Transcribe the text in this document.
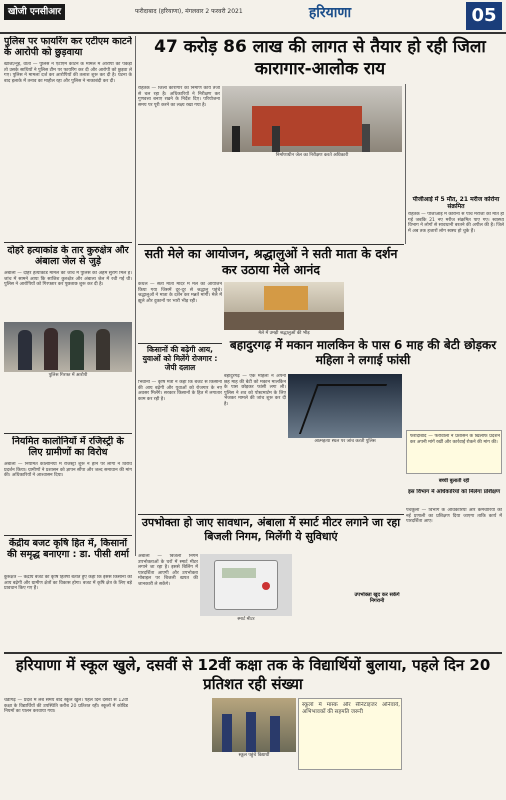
खोजी एनसीआर	फरीदाबाद (हरियाणा), मंगलवार 2 फरवरी 2021	हरियाणा	05
पुलिस पर फायरिंग कर एटीएम काटने के आरोपी को छुड़वाया
खोजी/नूंह, वार्ता — पुलिस ने एटीएम काटने के मामले में आरोपी को पकड़ा तो उसके साथियों ने पुलिस टीम पर फायरिंग कर दी और आरोपी को छुड़वा ले गए। पुलिस ने मामला दर्ज कर आरोपियों की तलाश शुरू कर दी है। घटना के बाद इलाके में तनाव का माहौल रहा और पुलिस ने नाकाबंदी कर दी।
दोहरे हत्याकांड के तार कुरुक्षेत्र और अंबाला जेल से जुड़े
अंबाला — दोहरे हत्याकांड मामले की जांच में पुलिस को अहम सुराग मिले हैं। जांच में सामने आया कि साजिश कुरुक्षेत्र और अंबाला जेल में रची गई थी। पुलिस ने आरोपियों को गिरफ्तार कर पूछताछ शुरू कर दी है।
पुलिस गिरफ्त में आरोपी
नियमित कालोनियों में रजिस्ट्री के लिए ग्रामीणों का विरोध
अंबाला — नियमित कालोनियों में रजिस्ट्री शुरू न होने पर लोगों ने विरोध प्रदर्शन किया। ग्रामीणों ने प्रशासन को ज्ञापन सौंपा और जल्द समाधान की मांग की। अधिकारियों ने आश्वासन दिया।
केंद्रीय बजट कृषि हित में, किसानों की समृद्ध बनाएगा : डा. पीसी शर्मा
कुरुक्षेत्र — केंद्रीय बजट को कृषि हितैषी बताते हुए कहा कि इससे किसानों की आय बढ़ेगी और ग्रामीण क्षेत्रों का विकास होगा। बजट में कृषि क्षेत्र के लिए बड़े प्रावधान किए गए हैं।
47 करोड़ 86 लाख की लागत से तैयार हो रही जिला कारागार-आलोक राय
रोहतक — जिला कारागार का निर्माण कार्य तेजी से चल रहा है। अधिकारियों ने निरीक्षण कर गुणवत्ता बनाए रखने के निर्देश दिए। परियोजना समय पर पूरी करने का लक्ष्य रखा गया है।
निर्माणाधीन जेल का निरीक्षण करते अधिकारी
पीजीआई में 5 मौत, 21 मरीज कोरोना संक्रमित
रोहतक — पीजीआई में कोरोना से पांच मरीजों की मौत हो गई जबकि 21 नए मरीज संक्रमित पाए गए। स्वास्थ्य विभाग ने लोगों से सावधानी बरतने की अपील की है। जिले में अब तक हजारों लोग स्वस्थ हो चुके हैं।
सती मेले का आयोजन, श्रद्धालुओं ने सती माता के दर्शन कर उठाया मेले आनंद
कैथल — सती माता मंदिर में मेले का आयोजन किया गया जिसमें दूर-दूर से श्रद्धालु पहुंचे। श्रद्धालुओं ने माता के दर्शन कर मन्नतें मांगीं। मेले में झूले और दुकानों पर भारी भीड़ रही।
मेले में उमड़ी श्रद्धालुओं की भीड़
किसानों की बढ़ेगी आय, युवाओं को मिलेंगे रोजगार : जेपी दलाल
भिवानी — कृषि मंत्री ने कहा कि बजट से किसानों की आय बढ़ेगी और युवाओं को रोजगार के नए अवसर मिलेंगे। सरकार किसानों के हित में लगातार काम कर रही है।
बहादुरगढ़ में मकान मालकिन के पास 6 माह की बेटी छोड़कर महिला ने लगाई फांसी
बहादुरगढ़ — एक महिला ने अपनी छह माह की बेटी को मकान मालकिन के पास छोड़कर फांसी लगा ली। पुलिस ने शव को पोस्टमार्टम के लिए भेजकर मामले की जांच शुरू कर दी है।
आत्महत्या स्थल पर जांच करती पुलिस
बच्ची बुलाती रही
फरीदाबाद — फेरीवालों ने प्रशासन के खिलाफ प्रदर्शन कर अपनी मांगें रखीं और कार्रवाई रोकने की मांग की।
इस विभाग में अधिकारियों को मिलेगा प्रशिक्षण
पंचकूला — विभाग के अधिकारियों और कर्मचारियों को नई प्रणाली का प्रशिक्षण दिया जाएगा ताकि कार्य में पारदर्शिता आए।
उपभोक्ता हो जाए सावधान, अंबाला में स्मार्ट मीटर लगाने जा रहा बिजली निगम, मिलेंगी ये सुविधाएं
अंबाला — बिजली निगम उपभोक्ताओं के घरों में स्मार्ट मीटर लगाने जा रहा है। इससे बिलिंग में पारदर्शिता आएगी और उपभोक्ता मोबाइल पर बिजली खपत की जानकारी ले सकेंगे।
स्मार्ट मीटर
उपभोक्ता खुद कर सकेंगे निगरानी
हरियाणा में स्कूल खुले, दसवीं से 12वीं कक्षा तक के विद्यार्थियों बुलाया, पहले दिन 20 प्रतिशत रही संख्या
चंडीगढ़ — प्रदेश में लंबे समय बाद स्कूल खुले। पहले दिन दसवीं से 12वीं कक्षा के विद्यार्थियों की उपस्थिति करीब 20 प्रतिशत रही। स्कूलों में कोविड नियमों का पालन करवाया गया।
स्कूल पहुंचे विद्यार्थी
स्कूलों में मास्क और सैनिटाइजर अनिवार्य, अभिभावकों की सहमति जरूरी
